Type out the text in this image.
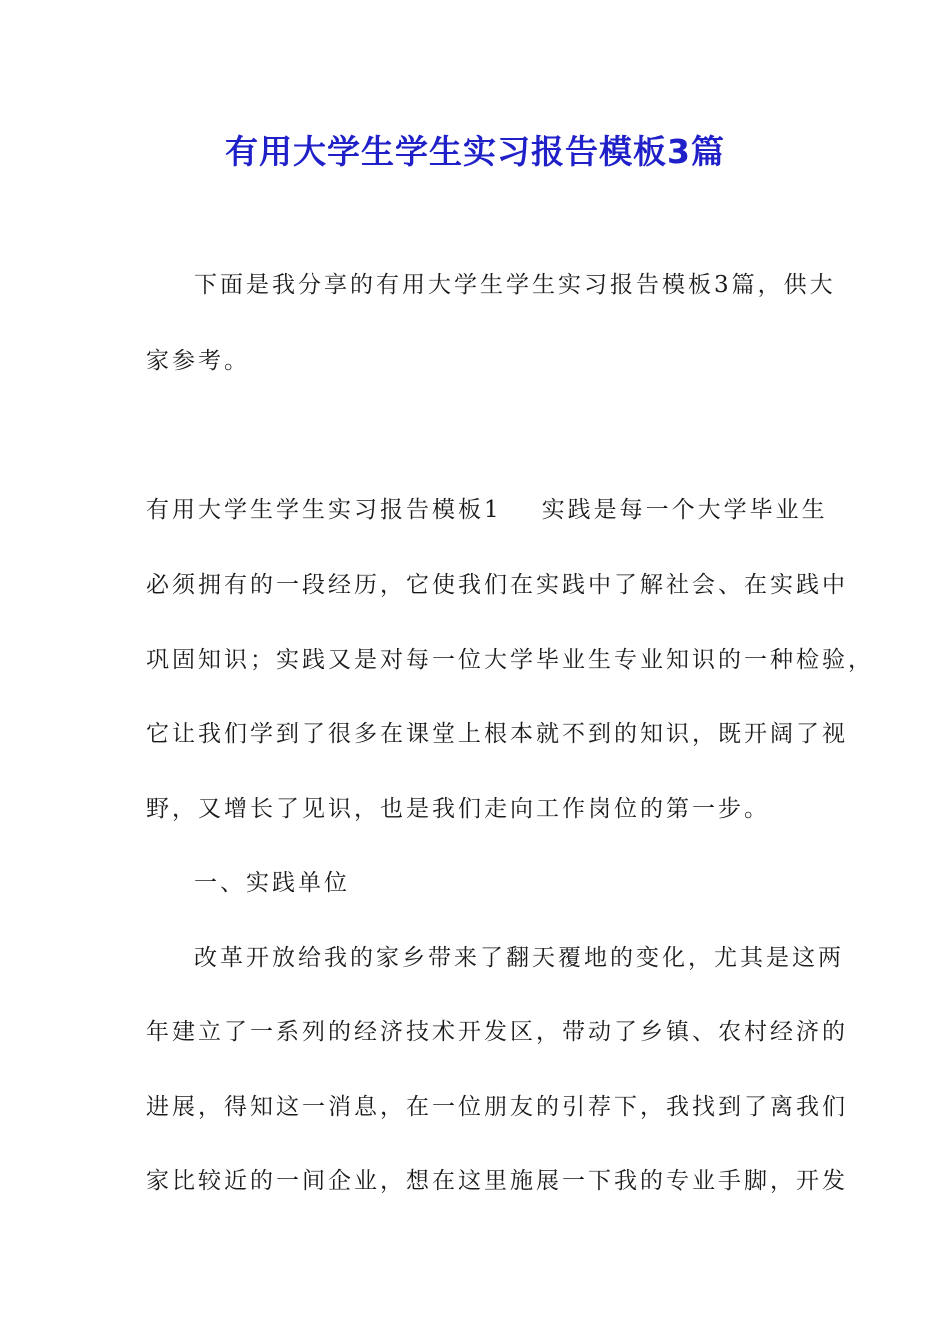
有用大学生学生实习报告模板3篇
下面是我分享的有用大学生学生实习报告模板3篇，供大
家参考。
有用大学生学生实习报告模板1 实践是每一个大学毕业生
必须拥有的一段经历，它使我们在实践中了解社会、在实践中
巩固知识；实践又是对每一位大学毕业生专业知识的一种检验，
它让我们学到了很多在课堂上根本就不到的知识，既开阔了视
野，又增长了见识，也是我们走向工作岗位的第一步。
一、实践单位
改革开放给我的家乡带来了翻天覆地的变化，尤其是这两
年建立了一系列的经济技术开发区，带动了乡镇、农村经济的
进展，得知这一消息，在一位朋友的引荐下，我找到了离我们
家比较近的一间企业，想在这里施展一下我的专业手脚，开发
